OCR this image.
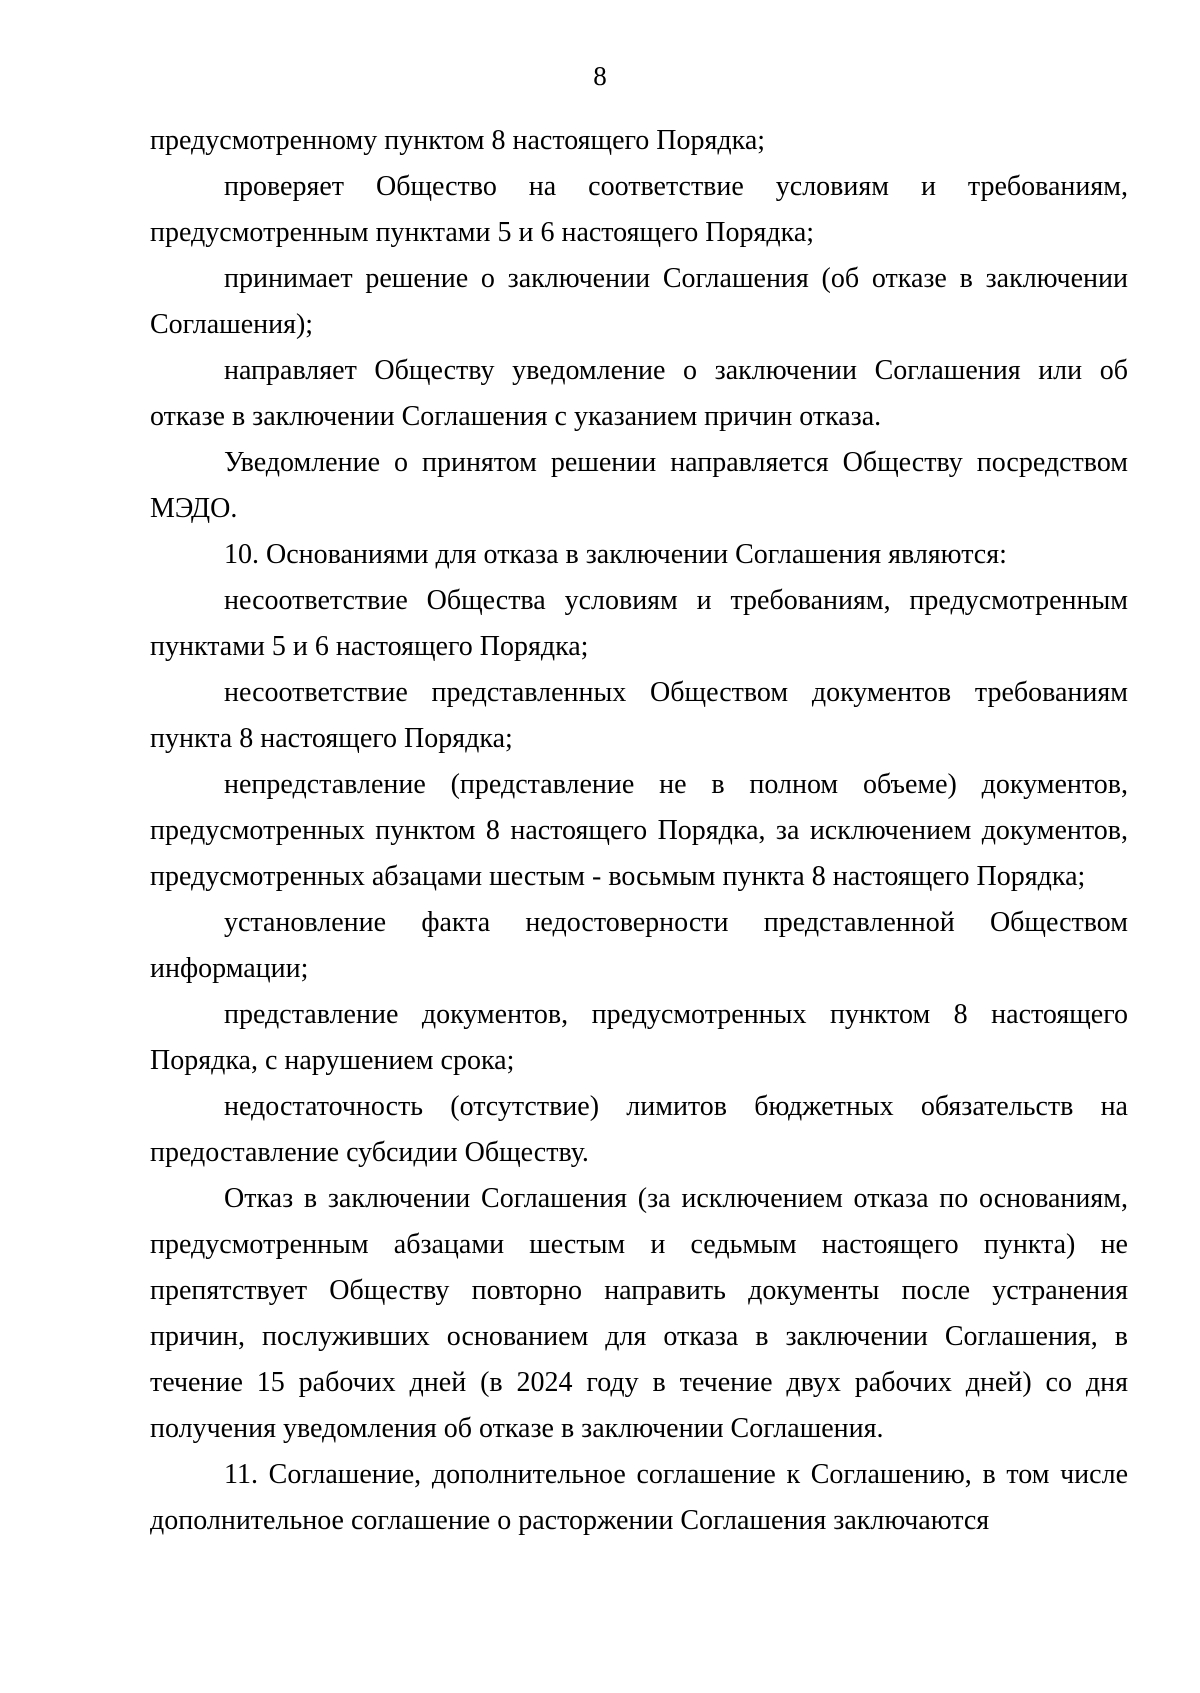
8

предусмотренному пунктом 8 настоящего Порядка;

проверяет Общество на соответствие условиям и требованиям, предусмотренным пунктами 5 и 6 настоящего Порядка;

принимает решение о заключении Соглашения (об отказе в заключении Соглашения);

направляет Обществу уведомление о заключении Соглашения или об отказе в заключении Соглашения с указанием причин отказа.

Уведомление о принятом решении направляется Обществу посредством МЭДО.

10. Основаниями для отказа в заключении Соглашения являются:

несоответствие Общества условиям и требованиям, предусмотренным пунктами 5 и 6 настоящего Порядка;

несоответствие представленных Обществом документов требованиям пункта 8 настоящего Порядка;

непредставление (представление не в полном объеме) документов, предусмотренных пунктом 8 настоящего Порядка, за исключением документов, предусмотренных абзацами шестым - восьмым пункта 8 настоящего Порядка;

установление факта недостоверности представленной Обществом информации;

представление документов, предусмотренных пунктом 8 настоящего Порядка, с нарушением срока;

недостаточность (отсутствие) лимитов бюджетных обязательств на предоставление субсидии Обществу.

Отказ в заключении Соглашения (за исключением отказа по основаниям, предусмотренным абзацами шестым и седьмым настоящего пункта) не препятствует Обществу повторно направить документы после устранения причин, послуживших основанием для отказа в заключении Соглашения, в течение 15 рабочих дней (в 2024 году в течение двух рабочих дней) со дня получения уведомления об отказе в заключении Соглашения.

11. Соглашение, дополнительное соглашение к Соглашению, в том числе дополнительное соглашение о расторжении Соглашения заключаются
